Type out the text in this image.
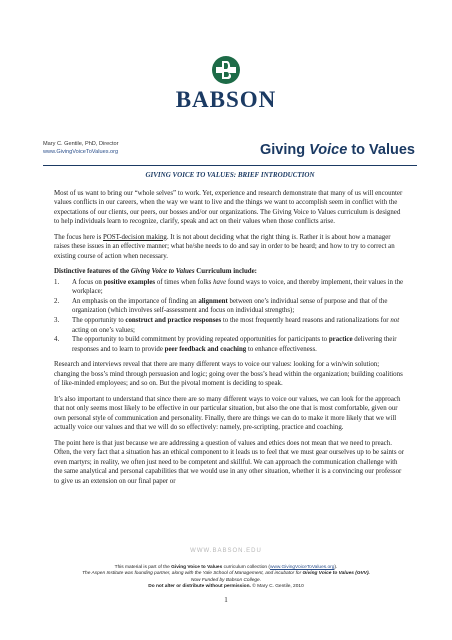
BABSON
Mary C. Gentile, PhD, Director
www.GivingVoiceToValues.org	Giving Voice to Values
GIVING VOICE TO VALUES: BRIEF INTRODUCTION

Most of us want to bring our “whole selves” to work. Yet, experience and research demonstrate that many of us will encounter values conflicts in our careers, when the way we want to live and the things we want to accomplish seem in conflict with the expectations of our clients, our peers, our bosses and/or our organizations. The Giving Voice to Values curriculum is designed to help individuals learn to recognize, clarify, speak and act on their values when those conflicts arise.

The focus here is POST-decision making. It is not about deciding what the right thing is. Rather it is about how a manager raises these issues in an effective manner; what he/she needs to do and say in order to be heard; and how to try to correct an existing course of action when necessary.

Distinctive features of the Giving Voice to Values Curriculum include:

1. A focus on positive examples of times when folks have found ways to voice, and thereby implement, their values in the workplace;
2. An emphasis on the importance of finding an alignment between one’s individual sense of purpose and that of the organization (which involves self-assessment and focus on individual strengths);
3. The opportunity to construct and practice responses to the most frequently heard reasons and rationalizations for not acting on one’s values;
4. The opportunity to build commitment by providing repeated opportunities for participants to practice delivering their responses and to learn to provide peer feedback and coaching to enhance effectiveness.

Research and interviews reveal that there are many different ways to voice our values: looking for a win/win solution; changing the boss’s mind through persuasion and logic; going over the boss’s head within the organization; building coalitions of like-minded employees; and so on. But the pivotal moment is deciding to speak.

It’s also important to understand that since there are so many different ways to voice our values, we can look for the approach that not only seems most likely to be effective in our particular situation, but also the one that is most comfortable, given our own personal style of communication and personality. Finally, there are things we can do to make it more likely that we will actually voice our values and that we will do so effectively: namely, pre-scripting, practice and coaching.

The point here is that just because we are addressing a question of values and ethics does not mean that we need to preach. Often, the very fact that a situation has an ethical component to it leads us to feel that we must gear ourselves up to be saints or even martyrs; in reality, we often just need to be competent and skillful. We can approach the communication challenge with the same analytical and personal capabilities that we would use in any other situation, whether it is a convincing our professor to give us an extension on our final paper or

WWW.BABSON.EDU
This material is part of the Giving Voice to Values curriculum collection (www.GivingVoiceToValues.org).
The Aspen Institute was founding partner, along with the Yale School of Management, and incubator for Giving Voice to Values (GVV).
Now Funded by Babson College.
Do not alter or distribute without permission. © Mary C. Gentile, 2010
1
